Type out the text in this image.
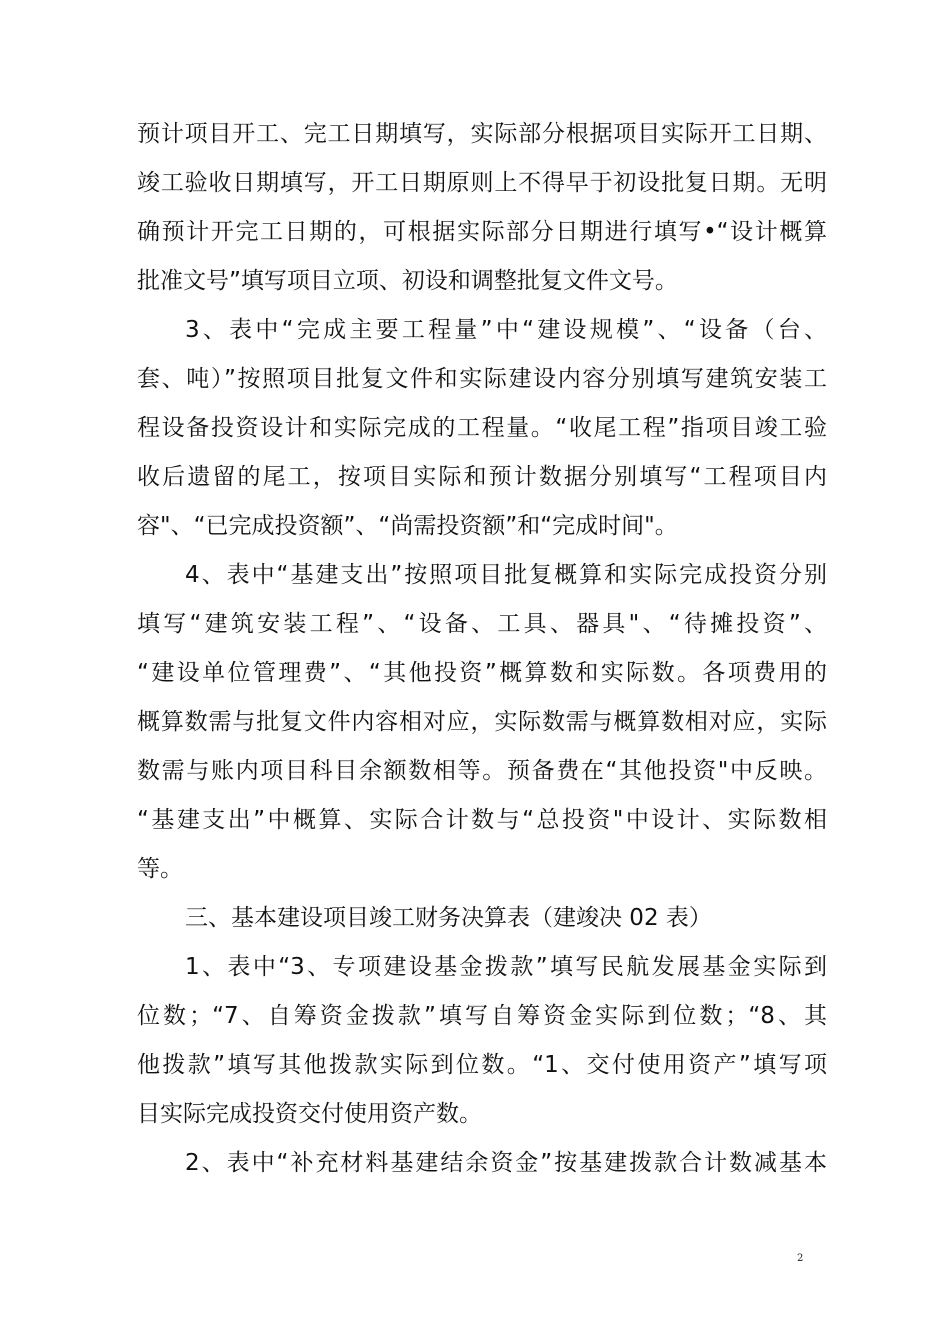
预计项目开工、完工日期填写，实际部分根据项目实际开工日期、
竣工验收日期填写，开工日期原则上不得早于初设批复日期。无明
确预计开完工日期的，可根据实际部分日期进行填写•“设计概算
批准文号”填写项目立项、初设和调整批复文件文号。
3、表中“完成主要工程量”中“建设规模”、“设备（台、
套、吨）”按照项目批复文件和实际建设内容分别填写建筑安装工
程设备投资设计和实际完成的工程量。“收尾工程”指项目竣工验
收后遗留的尾工，按项目实际和预计数据分别填写“工程项目内
容"、“已完成投资额”、“尚需投资额”和“完成时间"。
4、表中“基建支出”按照项目批复概算和实际完成投资分别
填写“建筑安装工程”、“设备、工具、器具"、“待摊投资”、
“建设单位管理费”、“其他投资”概算数和实际数。各项费用的
概算数需与批复文件内容相对应，实际数需与概算数相对应，实际
数需与账内项目科目余额数相等。预备费在“其他投资"中反映。
“基建支出”中概算、实际合计数与“总投资"中设计、实际数相
等。
三、基本建设项目竣工财务决算表（建竣决 02 表）
1、表中“3、专项建设基金拨款”填写民航发展基金实际到
位数；“7、自筹资金拨款”填写自筹资金实际到位数；“8、其
他拨款”填写其他拨款实际到位数。“1、交付使用资产”填写项
目实际完成投资交付使用资产数。
2、表中“补充材料基建结余资金”按基建拨款合计数减基本
2
